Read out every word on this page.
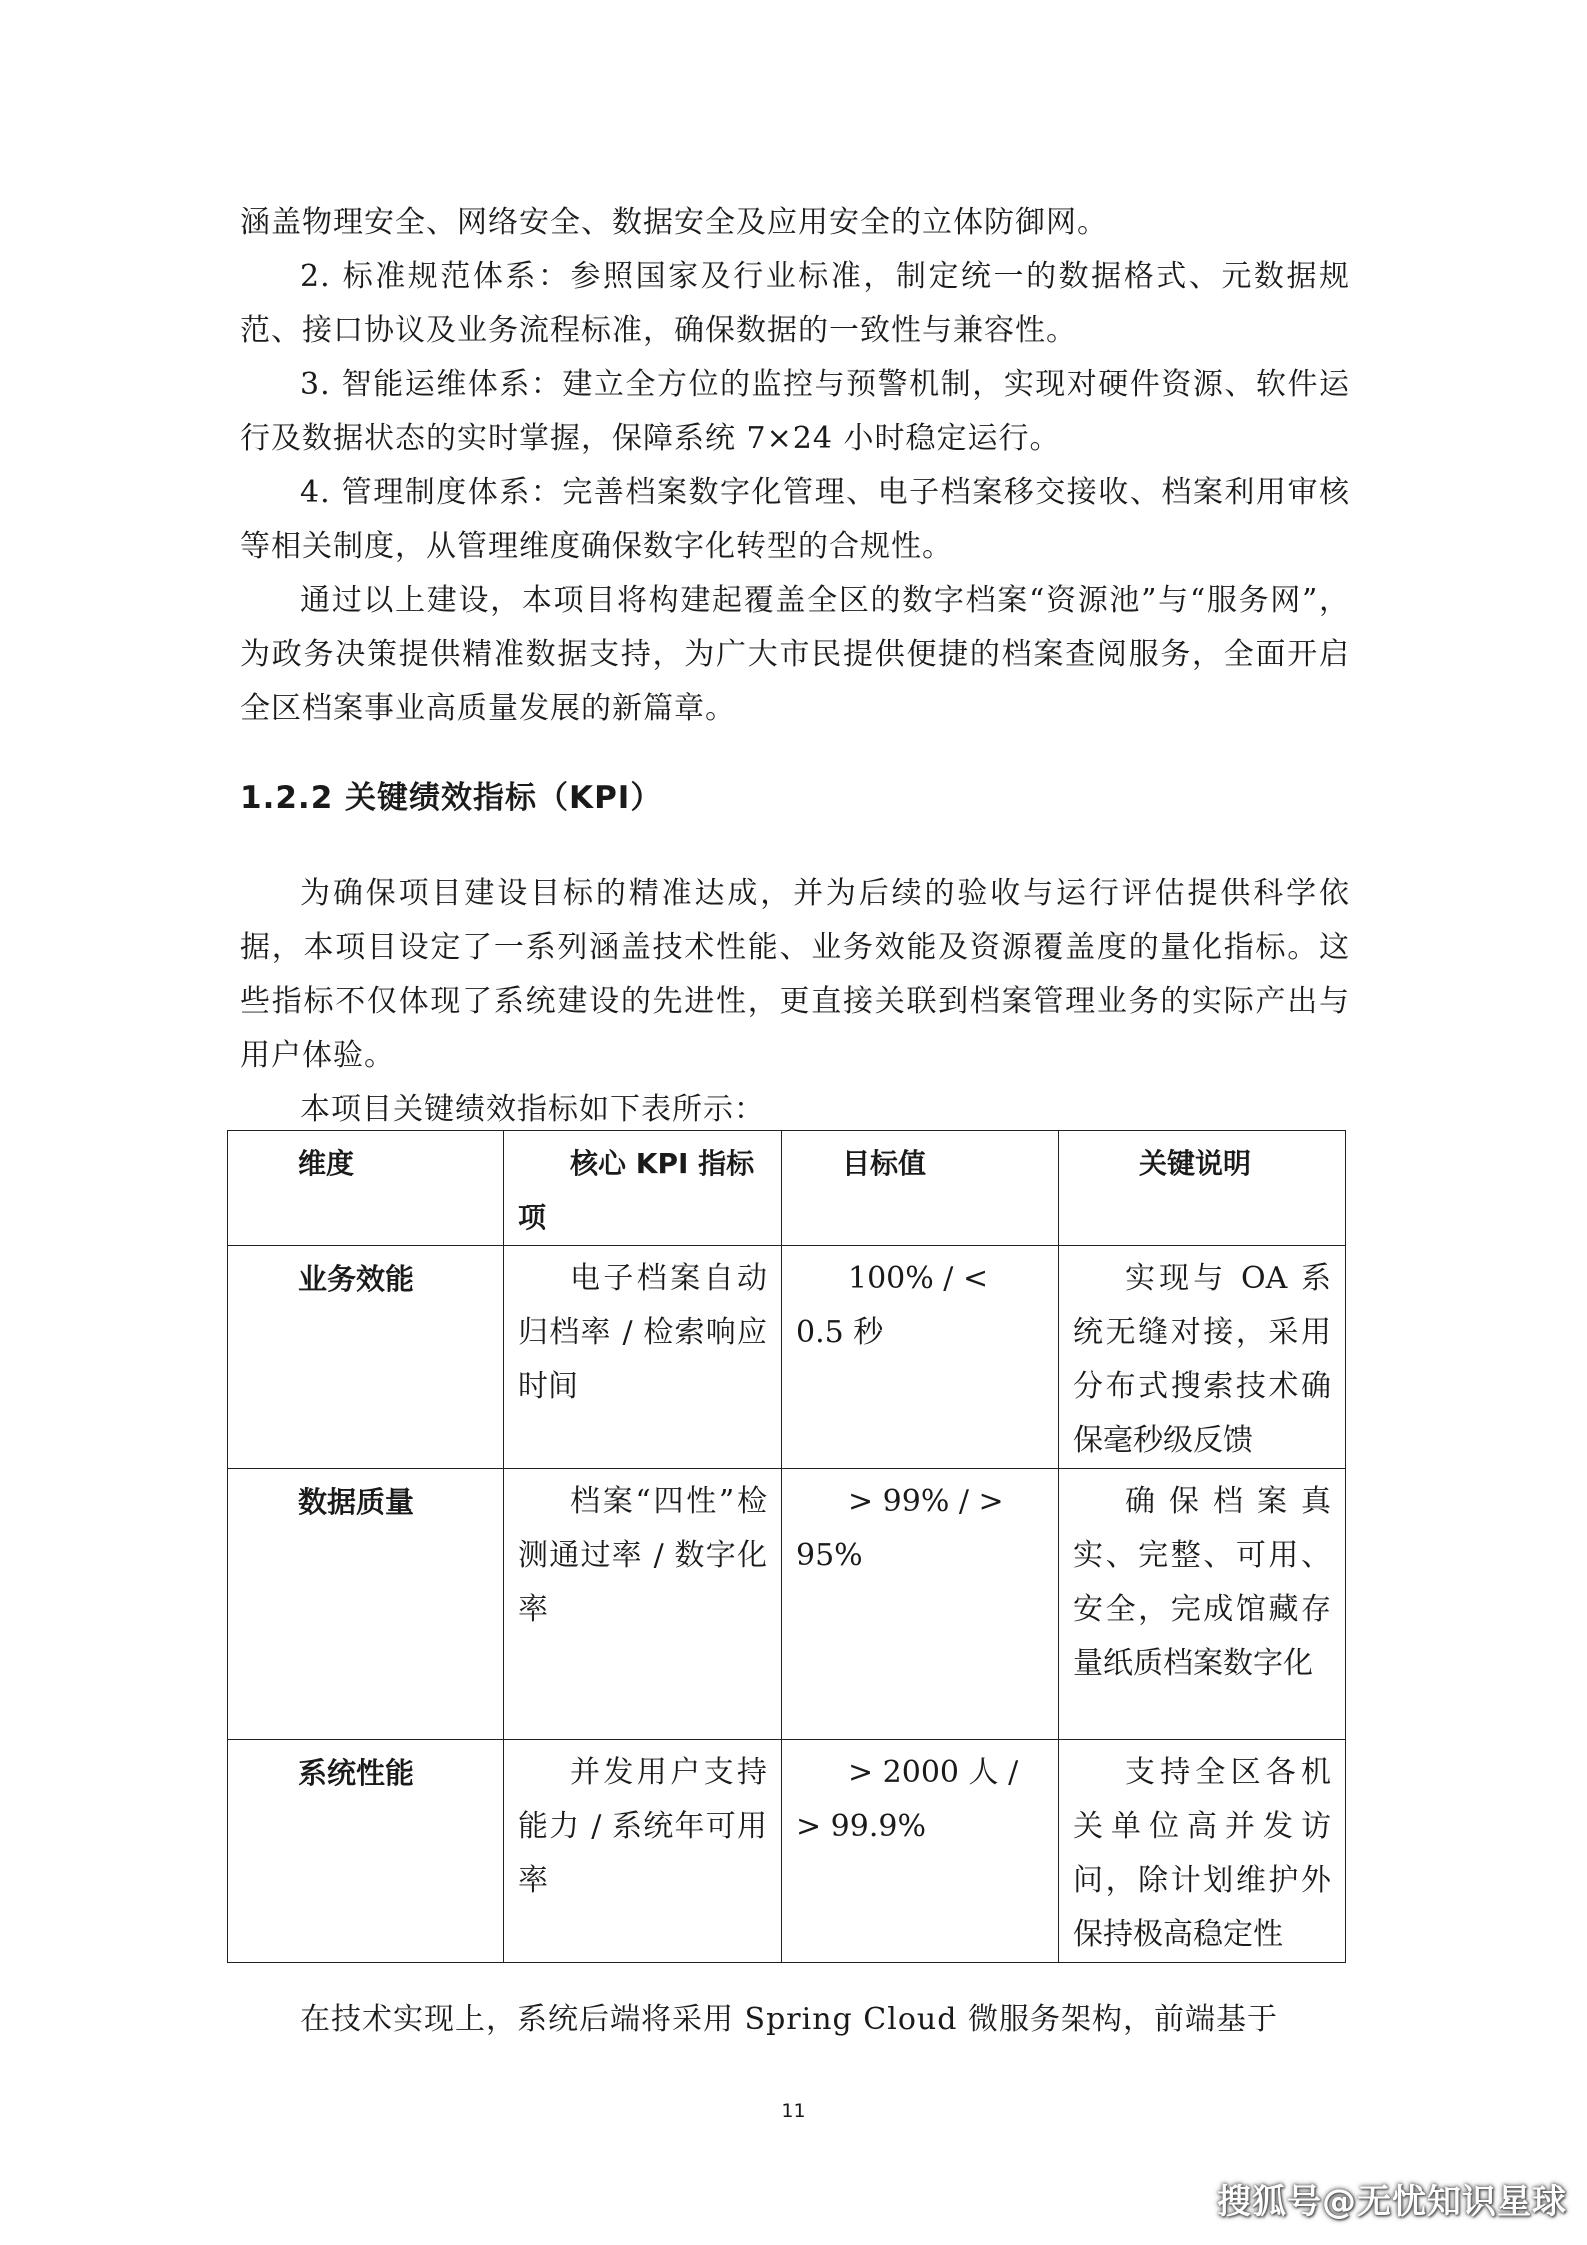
涵盖物理安全、网络安全、数据安全及应用安全的立体防御网。

2. 标准规范体系：参照国家及行业标准，制定统一的数据格式、元数据规范、接口协议及业务流程标准，确保数据的一致性与兼容性。

3. 智能运维体系：建立全方位的监控与预警机制，实现对硬件资源、软件运行及数据状态的实时掌握，保障系统 7×24 小时稳定运行。

4. 管理制度体系：完善档案数字化管理、电子档案移交接收、档案利用审核等相关制度，从管理维度确保数字化转型的合规性。

通过以上建设，本项目将构建起覆盖全区的数字档案“资源池”与“服务网”，为政务决策提供精准数据支持，为广大市民提供便捷的档案查阅服务，全面开启全区档案事业高质量发展的新篇章。

1.2.2 关键绩效指标（KPI）

为确保项目建设目标的精准达成，并为后续的验收与运行评估提供科学依据，本项目设定了一系列涵盖技术性能、业务效能及资源覆盖度的量化指标。这些指标不仅体现了系统建设的先进性，更直接关联到档案管理业务的实际产出与用户体验。

本项目关键绩效指标如下表所示：

维度	核心 KPI 指标项	目标值	关键说明
业务效能	电子档案自动归档率 / 检索响应时间	100% / < 0.5 秒	实现与 OA 系统无缝对接，采用分布式搜索技术确保毫秒级反馈
数据质量	档案“四性”检测通过率 / 数字化率	> 99% / > 95%	确保档案真实、完整、可用、安全，完成馆藏存量纸质档案数字化
系统性能	并发用户支持能力 / 系统年可用率	> 2000 人 / > 99.9%	支持全区各机关单位高并发访问，除计划维护外保持极高稳定性

在技术实现上，系统后端将采用 Spring Cloud 微服务架构，前端基于

11
搜狐号@无忧知识星球
